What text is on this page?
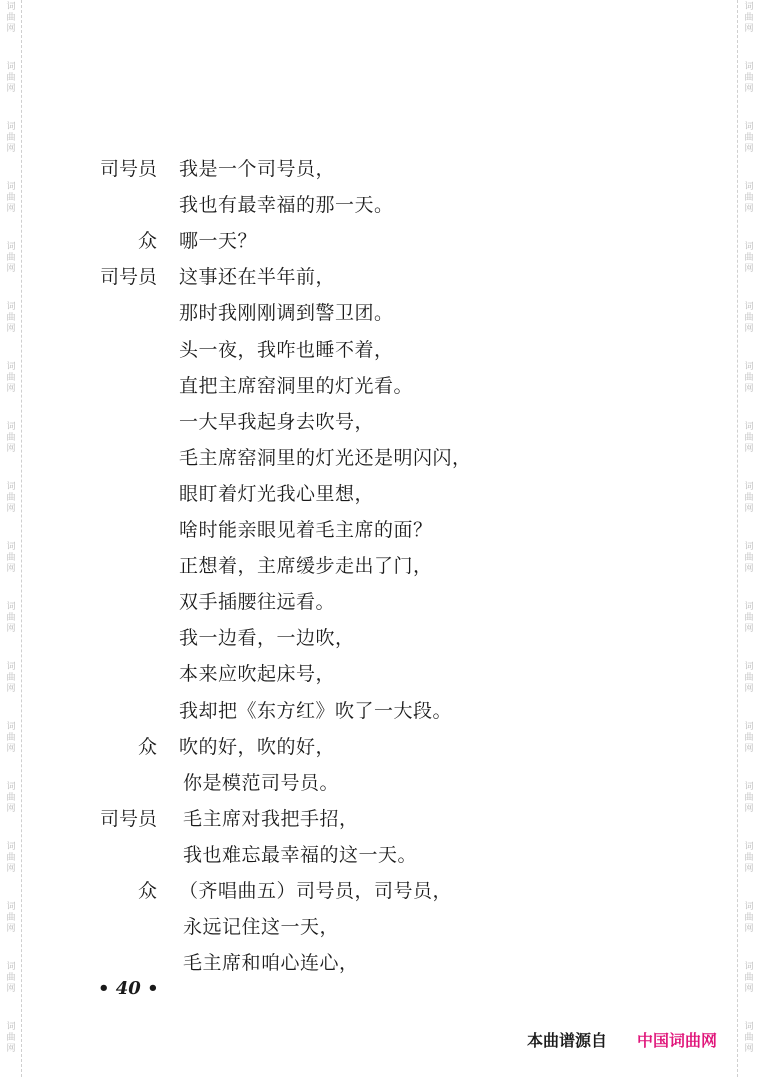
词
曲
网
词
曲
网
词
曲
网
词
曲
网
词
曲
网
词
曲
网
词
曲
网
词
曲
网
词
曲
网
词
曲
网
词
曲
网
词
曲
网
词
曲
网
词
曲
网
词
曲
网
词
曲
网
词
曲
网
词
曲
网
词
曲
网
词
曲
网
词
曲
网
词
曲
网
词
曲
网
词
曲
网
词
曲
网
词
曲
网
词
曲
网
词
曲
网
词
曲
网
词
曲
网
词
曲
网
词
曲
网
词
曲
网
词
曲
网
词
曲
网
词
曲
网
司号员 我是一个司号员，
我也有最幸福的那一天。
众 哪一天？
司号员 这事还在半年前，
那时我刚刚调到警卫团。
头一夜，我咋也睡不着，
直把主席窑洞里的灯光看。
一大早我起身去吹号，
毛主席窑洞里的灯光还是明闪闪，
眼盯着灯光我心里想，
啥时能亲眼见着毛主席的面？
正想着，主席缓步走出了门，
双手插腰往远看。
我一边看，一边吹，
本来应吹起床号，
我却把《东方红》吹了一大段。
众 吹的好，吹的好，
你是模范司号员。
司号员 毛主席对我把手招，
我也难忘最幸福的这一天。
众 （齐唱曲五）司号员，司号员，
永远记住这一天，
毛主席和咱心连心，
• 40 •
本曲谱源自 中国词曲网
